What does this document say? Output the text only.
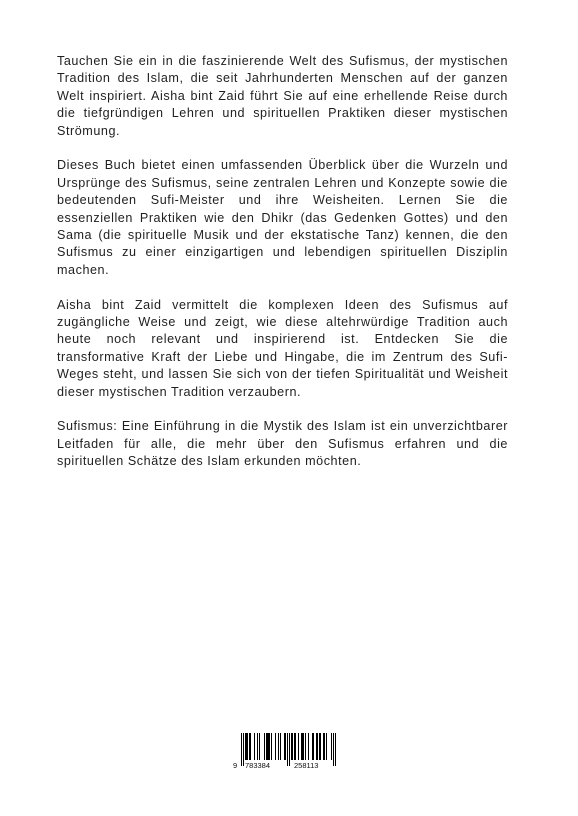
Tauchen Sie ein in die faszinierende Welt des Sufismus, der mystischen Tradition des Islam, die seit Jahrhunderten Menschen auf der ganzen Welt inspiriert. Aisha bint Zaid führt Sie auf eine erhellende Reise durch die tiefgründigen Lehren und spirituellen Praktiken dieser mystischen Strömung.

Dieses Buch bietet einen umfassenden Überblick über die Wurzeln und Ursprünge des Sufismus, seine zentralen Lehren und Konzepte sowie die bedeutenden Sufi-Meister und ihre Weisheiten. Lernen Sie die essenziellen Praktiken wie den Dhikr (das Gedenken Gottes) und den Sama (die spirituelle Musik und der ekstatische Tanz) kennen, die den Sufismus zu einer einzigartigen und lebendigen spirituellen Disziplin machen.

Aisha bint Zaid vermittelt die komplexen Ideen des Sufismus auf zugängliche Weise und zeigt, wie diese altehrwürdige Tradition auch heute noch relevant und inspirierend ist. Entdecken Sie die transformative Kraft der Liebe und Hingabe, die im Zentrum des Sufi-Weges steht, und lassen Sie sich von der tiefen Spiritualität und Weisheit dieser mystischen Tradition verzaubern.

Sufismus: Eine Einführung in die Mystik des Islam ist ein unverzichtbarer Leitfaden für alle, die mehr über den Sufismus erfahren und die spirituellen Schätze des Islam erkunden möchten.

9 783384	258113
